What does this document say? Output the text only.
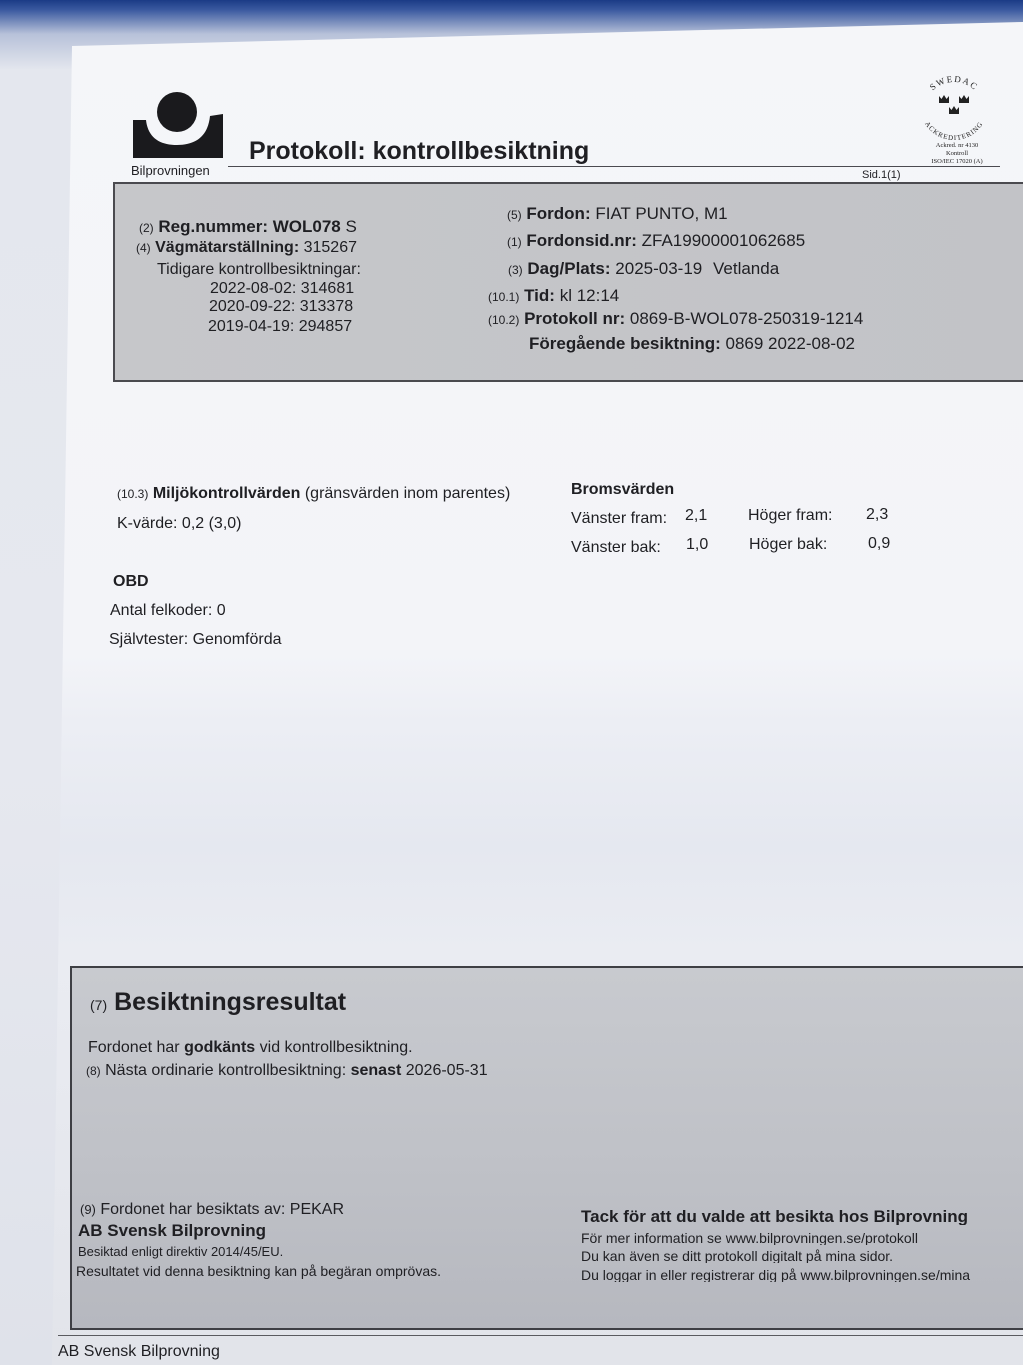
Bilprovningen
Protokoll: kontrollbesiktning
Sid.1(1)
SWEDAC
ACKREDITERING
Ackred. nr 4130
Kontroll
ISO/IEC 17020 (A)
(2) Reg.nummer: WOL078 S
(4) Vägmätarställning: 315267
Tidigare kontrollbesiktningar:
2022-08-02: 314681
2020-09-22: 313378
2019-04-19: 294857
(5) Fordon: FIAT PUNTO, M1
(1) Fordonsid.nr: ZFA19900001062685
(3) Dag/Plats: 2025-03-19 Vetlanda
(10.1) Tid: kl 12:14
(10.2) Protokoll nr: 0869-B-WOL078-250319-1214
Föregående besiktning: 0869 2022-08-02
(10.3) Miljökontrollvärden (gränsvärden inom parentes)
K-värde: 0,2 (3,0)
Bromsvärden
Vänster fram: 2,1	Höger fram: 2,3
Vänster bak: 1,0	Höger bak:	0,9
OBD
Antal felkoder: 0
Självtester: Genomförda
(7) Besiktningsresultat
Fordonet har godkänts vid kontrollbesiktning.
(8) Nästa ordinarie kontrollbesiktning: senast 2026-05-31
(9) Fordonet har besiktats av: PEKAR
AB Svensk Bilprovning
Besiktad enligt direktiv 2014/45/EU.
Resultatet vid denna besiktning kan på begäran omprövas.
Tack för att du valde att besikta hos Bilprovning
För mer information se www.bilprovningen.se/protokoll
Du kan även se ditt protokoll digitalt på mina sidor.
Du loggar in eller registrerar dig på www.bilprovningen.se/mina
AB Svensk Bilprovning
